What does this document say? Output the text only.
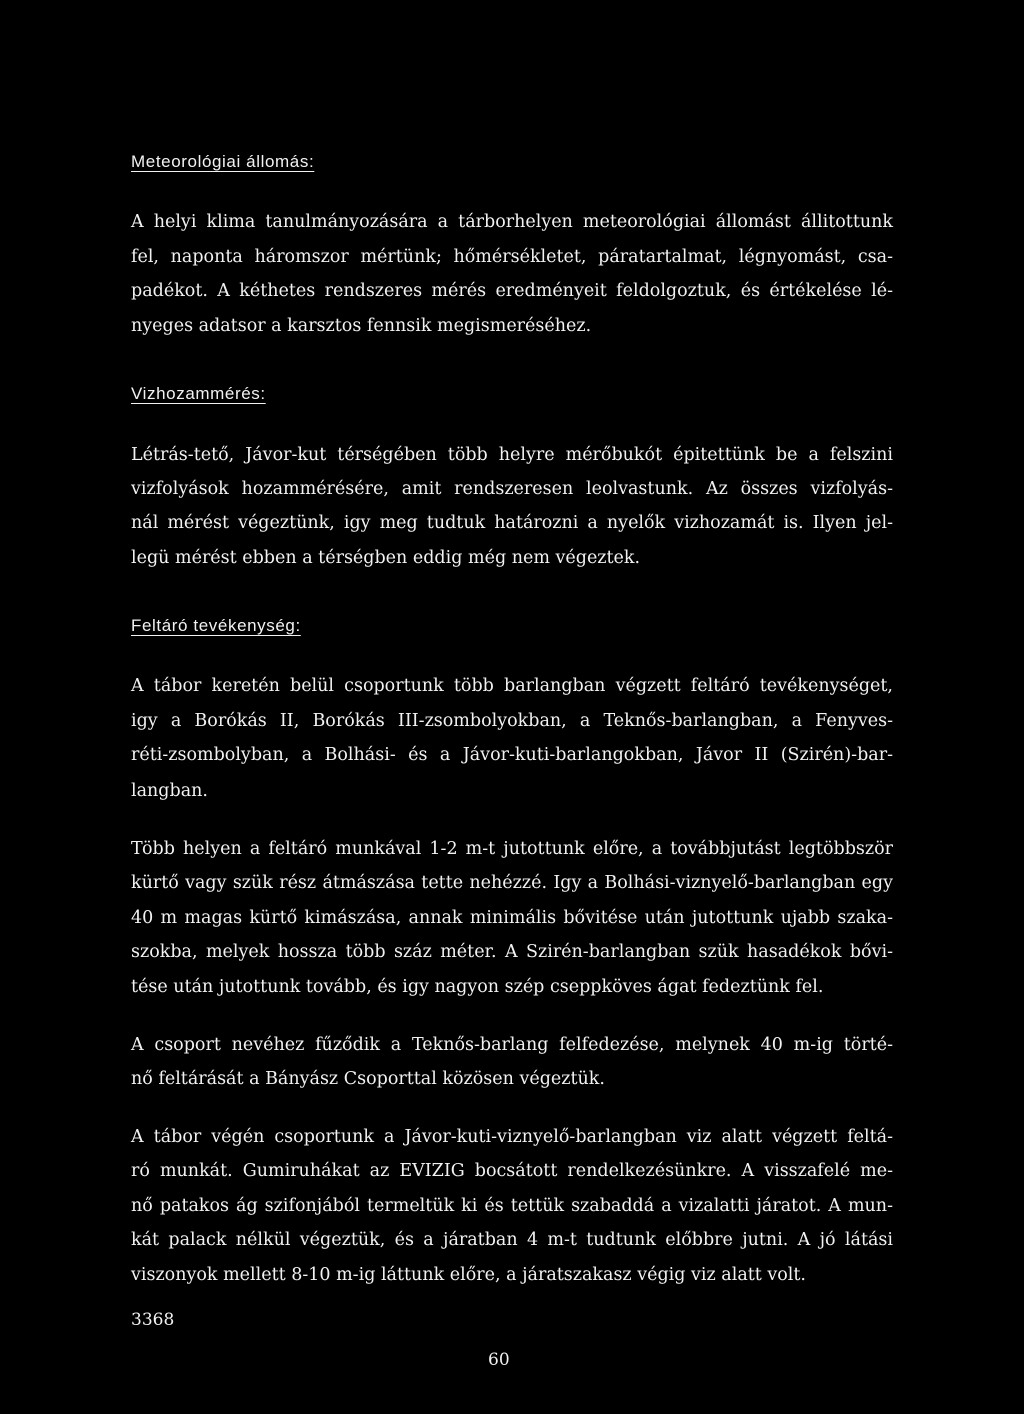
Meteorológiai állomás:
A helyi klima tanulmányozására a tárborhelyen meteorológiai állomást állitottunk
fel, naponta háromszor mértünk; hőmérsékletet, páratartalmat, légnyomást, csa-
padékot. A kéthetes rendszeres mérés eredményeit feldolgoztuk, és értékelése lé-
nyeges adatsor a karsztos fennsik megismeréséhez.
Vizhozammérés:
Létrás-tető, Jávor-kut térségében több helyre mérőbukót épitettünk be a felszini
vizfolyások hozammérésére, amit rendszeresen leolvastunk. Az összes vizfolyás-
nál mérést végeztünk, igy meg tudtuk határozni a nyelők vizhozamát is. Ilyen jel-
legü mérést ebben a térségben eddig még nem végeztek.
Feltáró tevékenység:
A tábor keretén belül csoportunk több barlangban végzett feltáró tevékenységet,
igy a Borókás II, Borókás III-zsombolyokban, a Teknős-barlangban, a Fenyves-
réti-zsombolyban, a Bolhási- és a Jávor-kuti-barlangokban, Jávor II (Szirén)-bar-
langban.
Több helyen a feltáró munkával 1-2 m-t jutottunk előre, a továbbjutást legtöbbször
kürtő vagy szük rész átmászása tette nehézzé. Igy a Bolhási-viznyelő-barlangban egy
40 m magas kürtő kimászása, annak minimális bővitése után jutottunk ujabb szaka-
szokba, melyek hossza több száz méter. A Szirén-barlangban szük hasadékok bővi-
tése után jutottunk tovább, és igy nagyon szép cseppköves ágat fedeztünk fel.
A csoport nevéhez fűződik a Teknős-barlang felfedezése, melynek 40 m-ig törté-
nő feltárását a Bányász Csoporttal közösen végeztük.
A tábor végén csoportunk a Jávor-kuti-viznyelő-barlangban viz alatt végzett feltá-
ró munkát. Gumiruhákat az EVIZIG bocsátott rendelkezésünkre. A visszafelé me-
nő patakos ág szifonjából termeltük ki és tettük szabaddá a vizalatti járatot. A mun-
kát palack nélkül végeztük, és a járatban 4 m-t tudtunk előbbre jutni. A jó látási
viszonyok mellett 8-10 m-ig láttunk előre, a járatszakasz végig viz alatt volt.
3368
60
